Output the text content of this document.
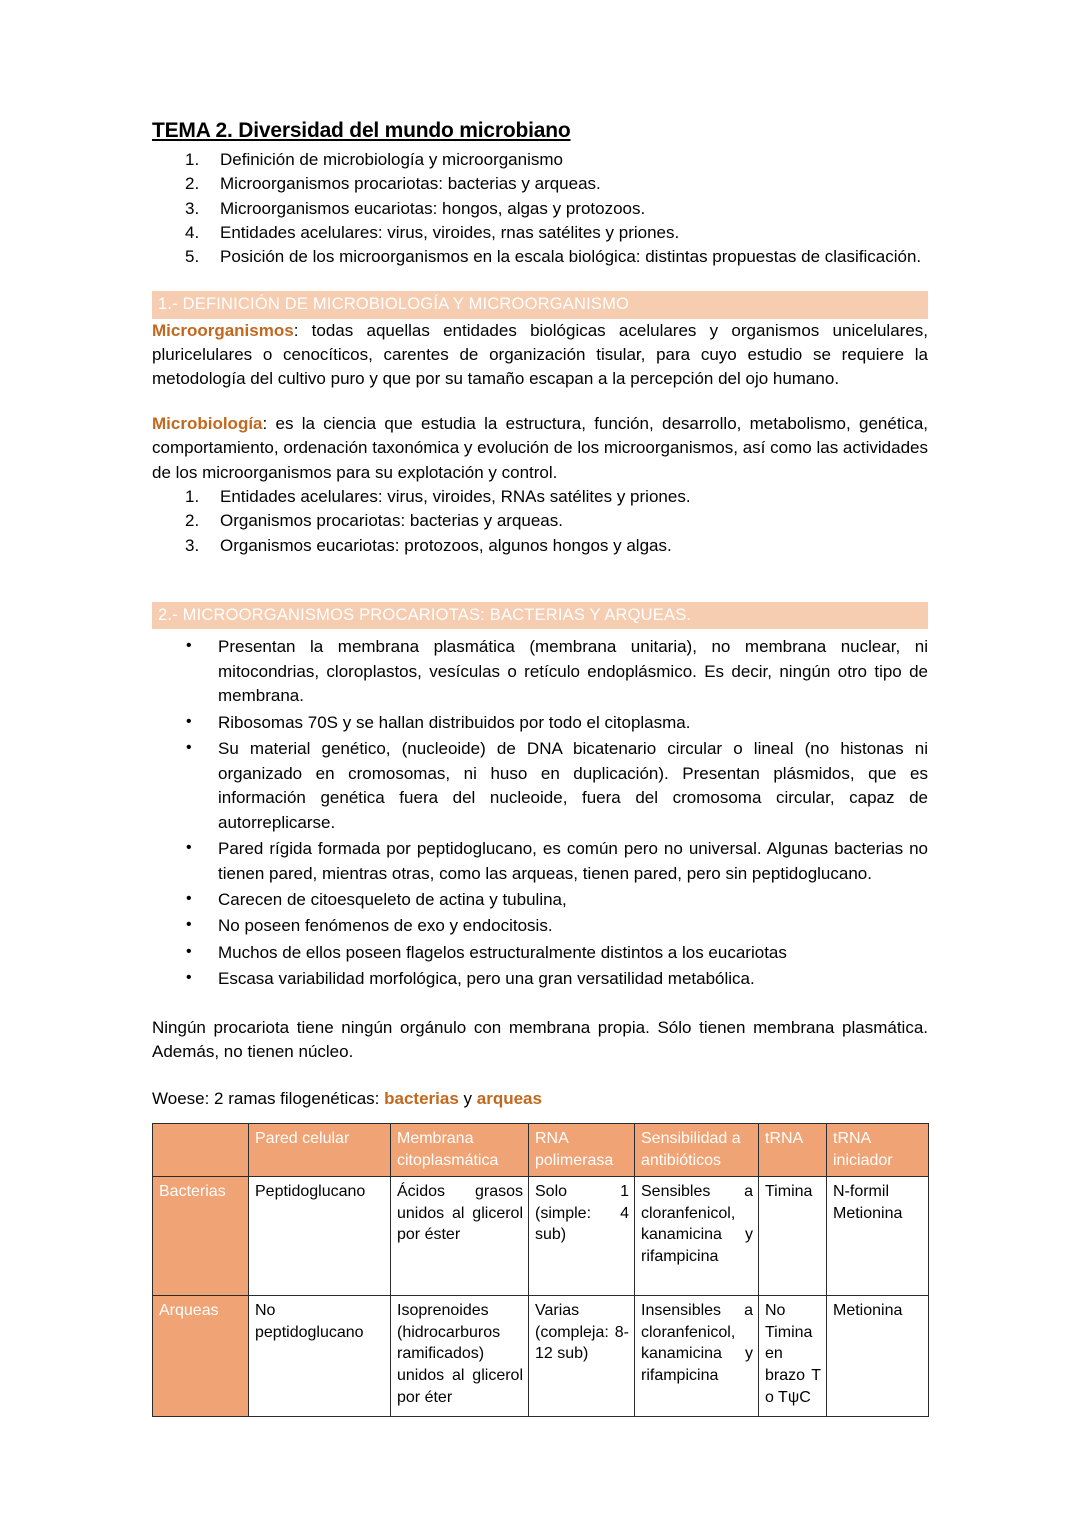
TEMA 2. Diversidad del mundo microbiano
1.	Definición de microbiología y microorganismo
2.	Microorganismos procariotas: bacterias y arqueas.
3.	Microorganismos eucariotas: hongos, algas y protozoos.
4.	Entidades acelulares: virus, viroides, rnas satélites y priones.
5.	Posición de los microorganismos en la escala biológica: distintas propuestas de clasificación.
1.- DEFINICIÓN DE MICROBIOLOGÍA Y MICROORGANISMO

Microorganismos: todas aquellas entidades biológicas acelulares y organismos unicelulares, pluricelulares o cenocíticos, carentes de organización tisular, para cuyo estudio se requiere la metodología del cultivo puro y que por su tamaño escapan a la percepción del ojo humano.

Microbiología: es la ciencia que estudia la estructura, función, desarrollo, metabolismo, genética, comportamiento, ordenación taxonómica y evolución de los microorganismos, así como las actividades de los microorganismos para su explotación y control.

1.	Entidades acelulares: virus, viroides, RNAs satélites y priones.
2.	Organismos procariotas: bacterias y arqueas.
3.	Organismos eucariotas: protozoos, algunos hongos y algas.
2.- MICROORGANISMOS PROCARIOTAS: BACTERIAS Y ARQUEAS.
• Presentan la membrana plasmática (membrana unitaria), no membrana nuclear, ni mitocondrias, cloroplastos, vesículas o retículo endoplásmico. Es decir, ningún otro tipo de membrana.
• Ribosomas 70S y se hallan distribuidos por todo el citoplasma.
• Su material genético, (nucleoide) de DNA bicatenario circular o lineal (no histonas ni organizado en cromosomas, ni huso en duplicación). Presentan plásmidos, que es información genética fuera del nucleoide, fuera del cromosoma circular, capaz de autorreplicarse.
• Pared rígida formada por peptidoglucano, es común pero no universal. Algunas bacterias no tienen pared, mientras otras, como las arqueas, tienen pared, pero sin peptidoglucano.
• Carecen de citoesqueleto de actina y tubulina,
• No poseen fenómenos de exo y endocitosis.
• Muchos de ellos poseen flagelos estructuralmente distintos a los eucariotas
• Escasa variabilidad morfológica, pero una gran versatilidad metabólica.

Ningún procariota tiene ningún orgánulo con membrana propia. Sólo tienen membrana plasmática. Además, no tienen núcleo.

Woese: 2 ramas filogenéticas: bacterias y arqueas

	Pared celular	Membrana citoplasmática	RNA polimerasa	Sensibilidad a antibióticos	tRNA	tRNA iniciador
Bacterias	Peptidoglucano	Ácidos grasos unidos al glicerol por éster	Solo 1 (simple: 4 sub)	Sensibles a cloranfenicol, kanamicina y rifampicina	Timina	N-formil Metionina
Arqueas	No peptidoglucano	Isoprenoides (hidrocarburos ramificados) unidos al glicerol por éter	Varias (compleja: 8-12 sub)	Insensibles a cloranfenicol, kanamicina y rifampicina	No Timina en brazo T o TψC	Metionina
